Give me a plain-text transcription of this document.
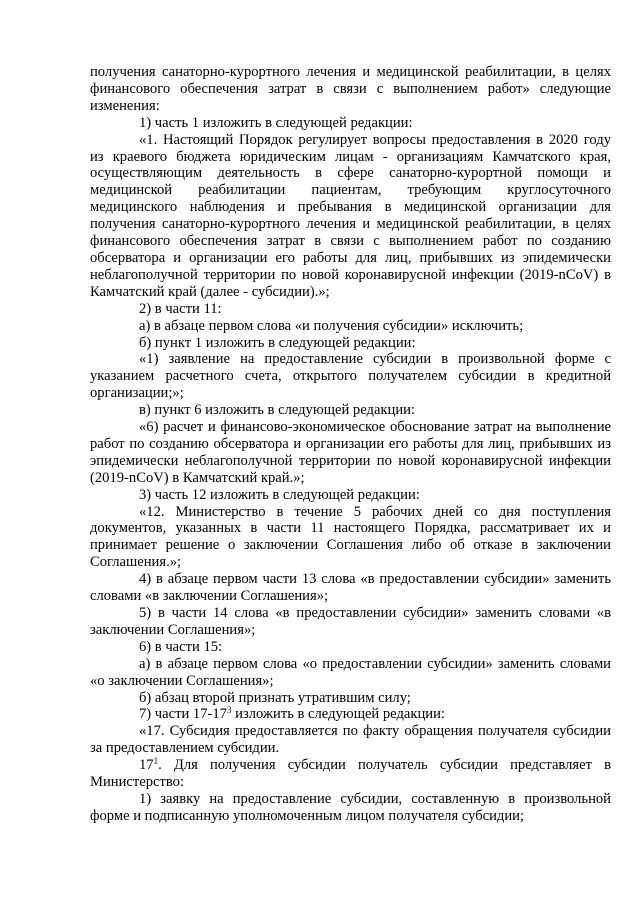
получения санаторно-курортного лечения и медицинской реабилитации, в целях финансового обеспечения затрат в связи с выполнением работ» следующие изменения:

1) часть 1 изложить в следующей редакции:

«1. Настоящий Порядок регулирует вопросы предоставления в 2020 году из краевого бюджета юридическим лицам - организациям Камчатского края, осуществляющим деятельность в сфере санаторно-курортной помощи и медицинской реабилитации пациентам, требующим круглосуточного медицинского наблюдения и пребывания в медицинской организации для получения санаторно-курортного лечения и медицинской реабилитации, в целях финансового обеспечения затрат в связи с выполнением работ по созданию обсерватора и организации его работы для лиц, прибывших из эпидемически неблагополучной территории по новой коронавирусной инфекции (2019-nCoV) в Камчатский край (далее - субсидии).»;

2) в части 11:

а) в абзаце первом слова «и получения субсидии» исключить;

б) пункт 1 изложить в следующей редакции:

«1) заявление на предоставление субсидии в произвольной форме с указанием расчетного счета, открытого получателем субсидии в кредитной организации;»;

в) пункт 6 изложить в следующей редакции:

«6) расчет и финансово-экономическое обоснование затрат на выполнение работ по созданию обсерватора и организации его работы для лиц, прибывших из эпидемически неблагополучной территории по новой коронавирусной инфекции (2019-nCoV) в Камчатский край.»;

3) часть 12 изложить в следующей редакции:

«12. Министерство в течение 5 рабочих дней со дня поступления документов, указанных в части 11 настоящего Порядка, рассматривает их и принимает решение о заключении Соглашения либо об отказе в заключении Соглашения.»;

4) в абзаце первом части 13 слова «в предоставлении субсидии» заменить словами «в заключении Соглашения»;

5) в части 14 слова «в предоставлении субсидии» заменить словами «в заключении Соглашения»;

6) в части 15:

а) в абзаце первом слова «о предоставлении субсидии» заменить словами «о заключении Соглашения»;

б) абзац второй признать утратившим силу;

7) части $17-17^3$ изложить в следующей редакции:

«17. Субсидия предоставляется по факту обращения получателя субсидии за предоставлением субсидии.

$17^1$. Для получения субсидии получатель субсидии представляет в Министерство:

1) заявку на предоставление субсидии, составленную в произвольной форме и подписанную уполномоченным лицом получателя субсидии;
